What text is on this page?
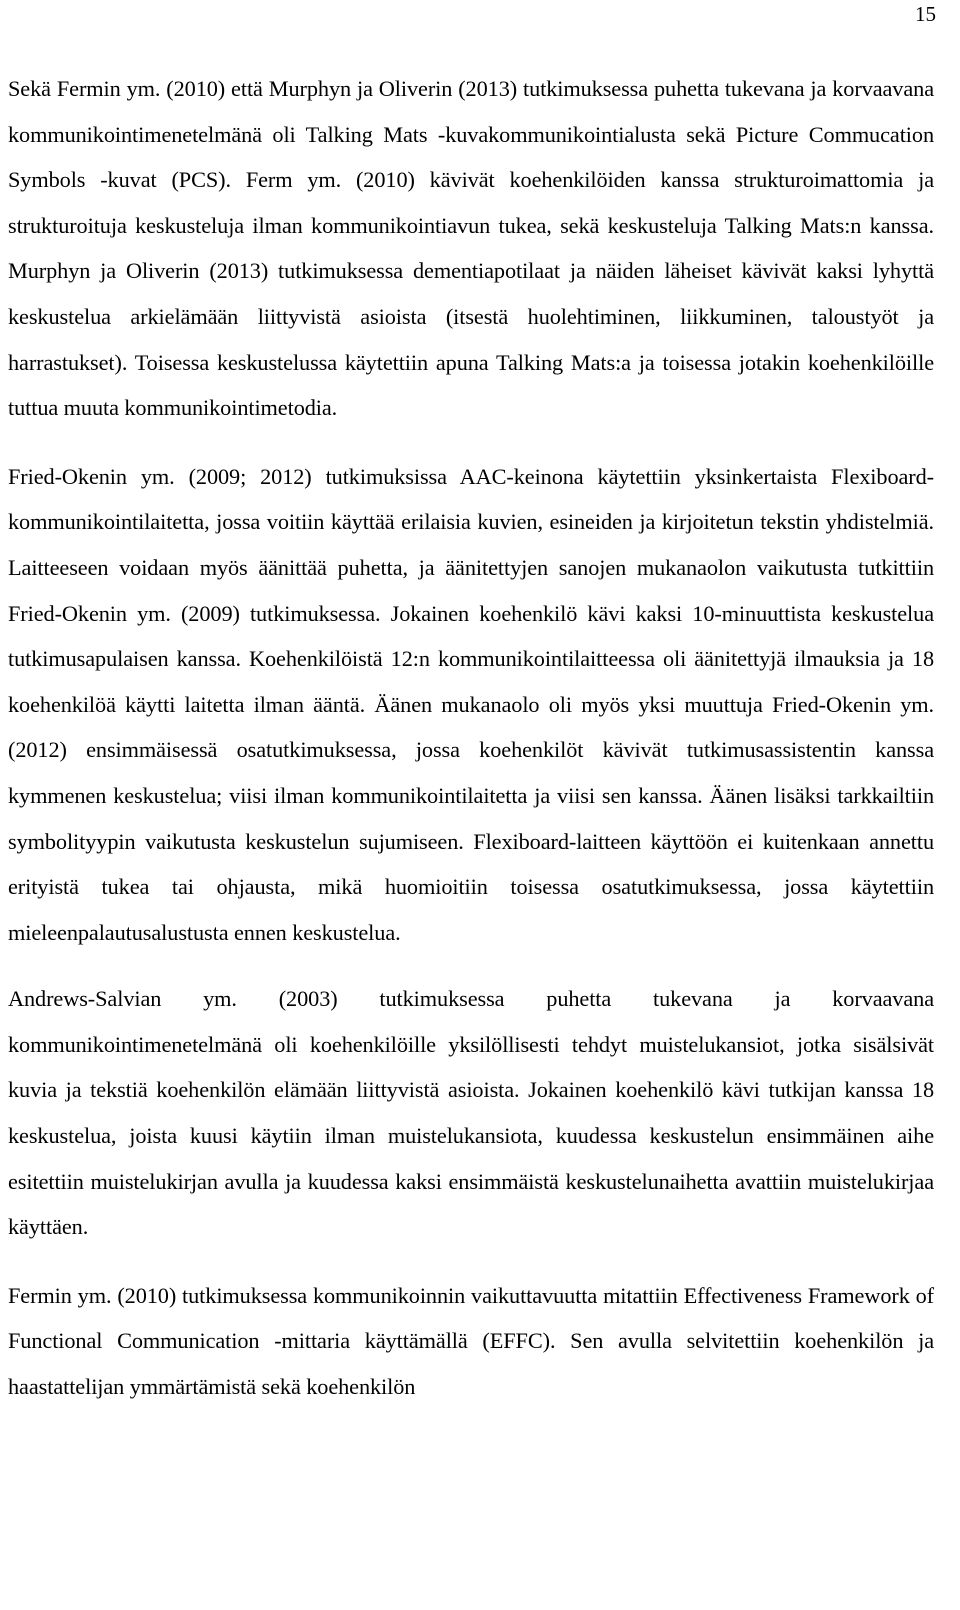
15

Sekä Fermin ym. (2010) että Murphyn ja Oliverin (2013) tutkimuksessa puhetta tukevana ja korvaavana kommunikointimenetelmänä oli Talking Mats -kuvakommunikointialusta sekä Picture Commucation Symbols -kuvat (PCS). Ferm ym. (2010) kävivät koehenkilöiden kanssa strukturoimattomia ja strukturoituja keskusteluja ilman kommunikointiavun tukea, sekä keskusteluja Talking Mats:n kanssa. Murphyn ja Oliverin (2013) tutkimuksessa dementiapotilaat ja näiden läheiset kävivät kaksi lyhyttä keskustelua arkielämään liittyvistä asioista (itsestä huolehtiminen, liikkuminen, taloustyöt ja harrastukset). Toisessa keskustelussa käytettiin apuna Talking Mats:a ja toisessa jotakin koehenkilöille tuttua muuta kommunikointimetodia.

Fried-Okenin ym. (2009; 2012) tutkimuksissa AAC-keinona käytettiin yksinkertaista Flexiboard-kommunikointilaitetta, jossa voitiin käyttää erilaisia kuvien, esineiden ja kirjoitetun tekstin yhdistelmiä. Laitteeseen voidaan myös äänittää puhetta, ja äänitettyjen sanojen mukanaolon vaikutusta tutkittiin Fried-Okenin ym. (2009) tutkimuksessa. Jokainen koehenkilö kävi kaksi 10-minuuttista keskustelua tutkimusapulaisen kanssa. Koehenkilöistä 12:n kommunikointilaitteessa oli äänitettyjä ilmauksia ja 18 koehenkilöä käytti laitetta ilman ääntä. Äänen mukanaolo oli myös yksi muuttuja Fried-Okenin ym. (2012) ensimmäisessä osatutkimuksessa, jossa koehenkilöt kävivät tutkimusassistentin kanssa kymmenen keskustelua; viisi ilman kommunikointilaitetta ja viisi sen kanssa. Äänen lisäksi tarkkailtiin symbolityypin vaikutusta keskustelun sujumiseen. Flexiboard-laitteen käyttöön ei kuitenkaan annettu erityistä tukea tai ohjausta, mikä huomioitiin toisessa osatutkimuksessa, jossa käytettiin mieleenpalautusalustusta ennen keskustelua.

Andrews-Salvian ym. (2003) tutkimuksessa puhetta tukevana ja korvaavana kommunikointimenetelmänä oli koehenkilöille yksilöllisesti tehdyt muistelukansiot, jotka sisälsivät kuvia ja tekstiä koehenkilön elämään liittyvistä asioista. Jokainen koehenkilö kävi tutkijan kanssa 18 keskustelua, joista kuusi käytiin ilman muistelukansiota, kuudessa keskustelun ensimmäinen aihe esitettiin muistelukirjan avulla ja kuudessa kaksi ensimmäistä keskustelunaihetta avattiin muistelukirjaa käyttäen.

Fermin ym. (2010) tutkimuksessa kommunikoinnin vaikuttavuutta mitattiin Effectiveness Framework of Functional Communication -mittaria käyttämällä (EFFC). Sen avulla selvitettiin koehenkilön ja haastattelijan ymmärtämistä sekä koehenkilön
